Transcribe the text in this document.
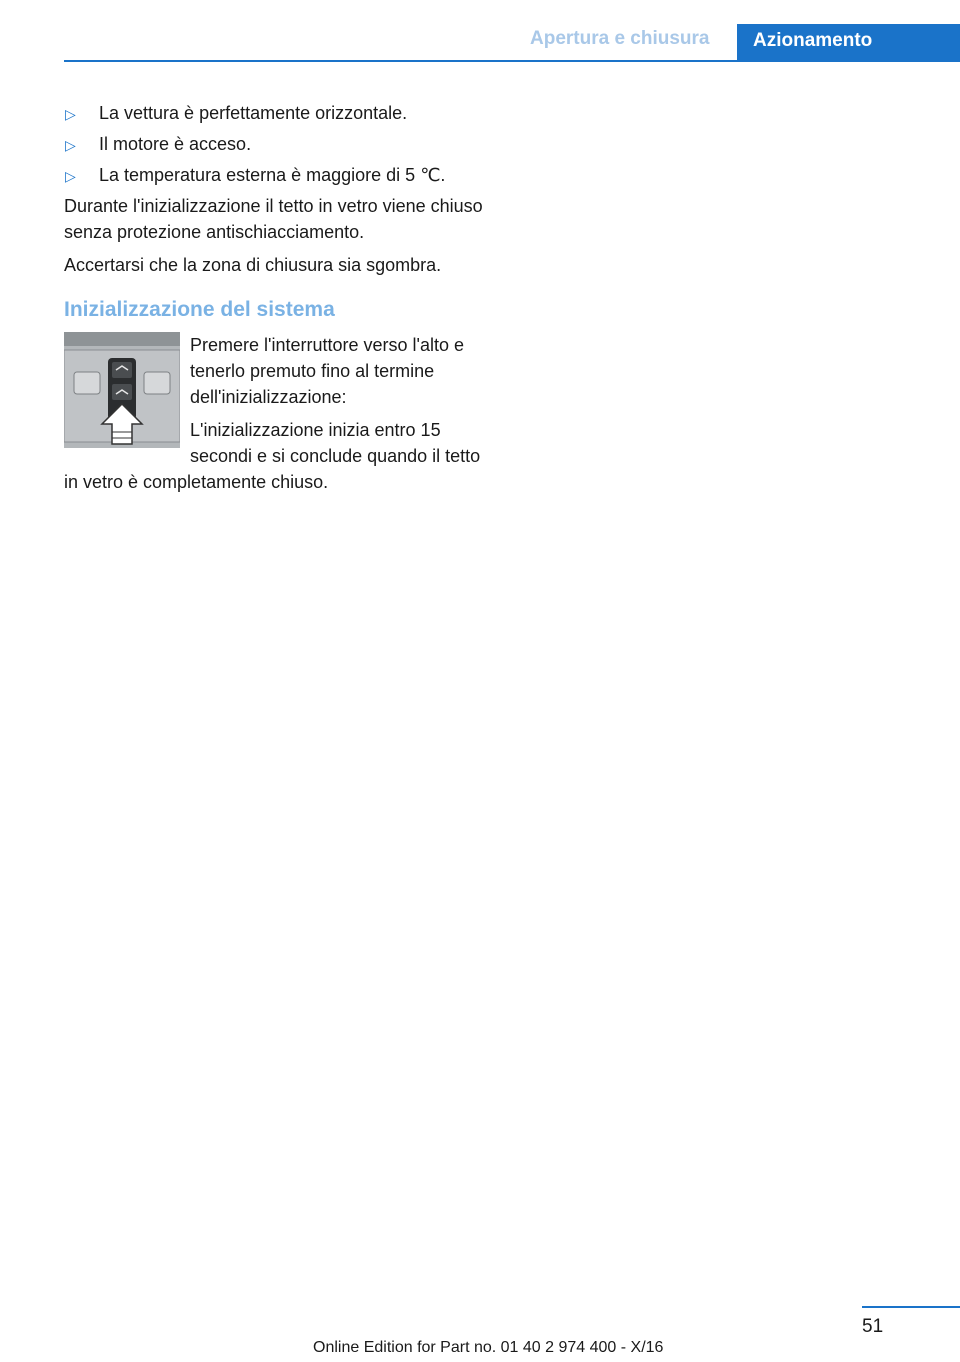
Apertura e chiusura	Azionamento
▷ La vettura è perfettamente orizzontale.
▷ Il motore è acceso.
▷ La temperatura esterna è maggiore di 5 ℃.

Durante l'inizializzazione il tetto in vetro viene chiuso senza protezione antischiacciamento.

Accertarsi che la zona di chiusura sia sgombra.

Inizializzazione del sistema

Premere l'interruttore verso l'alto e tenerlo premuto fino al termine dell'inizializzazione:

L'inizializzazione inizia entro 15 secondi e si conclude quando il tetto in vetro è completamente chiuso.

51
Online Edition for Part no. 01 40 2 974 400 - X/16
